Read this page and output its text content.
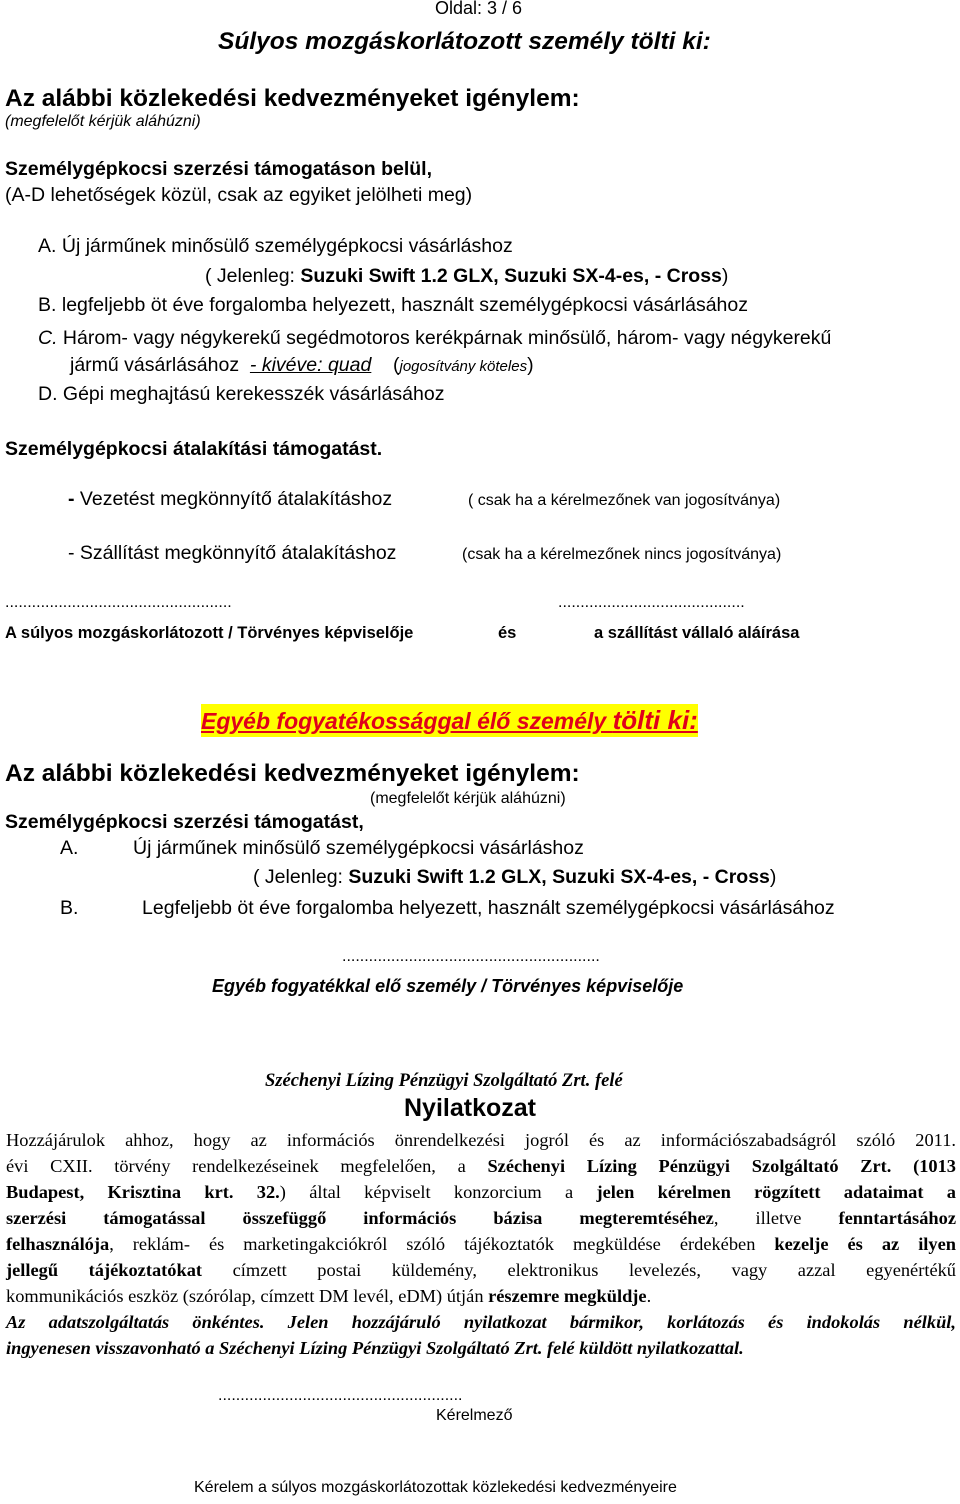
Oldal: 3 / 6
Súlyos mozgáskorlátozott személy tölti ki:
Az alábbi közlekedési kedvezményeket igénylem:
(megfelelőt kérjük aláhúzni)
Személygépkocsi szerzési támogatáson belül,
(A-D lehetőségek közül, csak az egyiket jelölheti meg)
A. Új járműnek minősülő személygépkocsi vásárláshoz
( Jelenleg: Suzuki Swift 1.2 GLX, Suzuki SX-4-es, - Cross)
B. legfeljebb öt éve forgalomba helyezett, használt személygépkocsi vásárlásához
C. Három- vagy négykerekű segédmotoros kerékpárnak minősülő, három- vagy négykerekű
jármű vásárlásához - kivéve: quad (jogosítvány köteles)
D. Gépi meghajtású kerekesszék vásárlásához
Személygépkocsi átalakítási támogatást.
- Vezetést megkönnyítő átalakításhoz	( csak ha a kérelmezőnek van jogosítványa)
- Szállítást megkönnyítő átalakításhoz	(csak ha a kérelmezőnek nincs jogosítványa)
...................................................	..........................................
A súlyos mozgáskorlátozott / Törvényes képviselője	és	a szállítást vállaló aláírása
Egyéb fogyatékossággal élő személy tölti ki:
Az alábbi közlekedési kedvezményeket igénylem:
(megfelelőt kérjük aláhúzni)
Személygépkocsi szerzési támogatást,
A.	Új járműnek minősülő személygépkocsi vásárláshoz
( Jelenleg: Suzuki Swift 1.2 GLX, Suzuki SX-4-es, - Cross)
B.	Legfeljebb öt éve forgalomba helyezett, használt személygépkocsi vásárlásához
..........................................................
Egyéb fogyatékkal elő személy / Törvényes képviselője
Széchenyi Lízing Pénzügyi Szolgáltató Zrt. felé
Nyilatkozat
Hozzájárulok ahhoz, hogy az információs önrendelkezési jogról és az információszabadságról szóló 2011.
évi CXII. törvény rendelkezéseinek megfelelően, a Széchenyi Lízing Pénzügyi Szolgáltató Zrt. (1013
Budapest, Krisztina krt. 32.) által képviselt konzorcium a jelen kérelmen rögzített adataimat a
szerzési támogatással összefüggő információs bázisa megteremtéséhez, illetve fenntartásához
felhasználója, reklám- és marketingakciókról szóló tájékoztatók megküldése érdekében kezelje és az ilyen
jellegű tájékoztatókat címzett postai küldemény, elektronikus levelezés, vagy azzal egyenértékű
kommunikációs eszköz (szórólap, címzett DM levél, eDM) útján részemre megküldje.
Az adatszolgáltatás önkéntes. Jelen hozzájáruló nyilatkozat bármikor, korlátozás és indokolás nélkül,
ingyenesen visszavonható a Széchenyi Lízing Pénzügyi Szolgáltató Zrt. felé küldött nyilatkozattal.
.......................................................
Kérelmező
Kérelem a súlyos mozgáskorlátozottak közlekedési kedvezményeire
